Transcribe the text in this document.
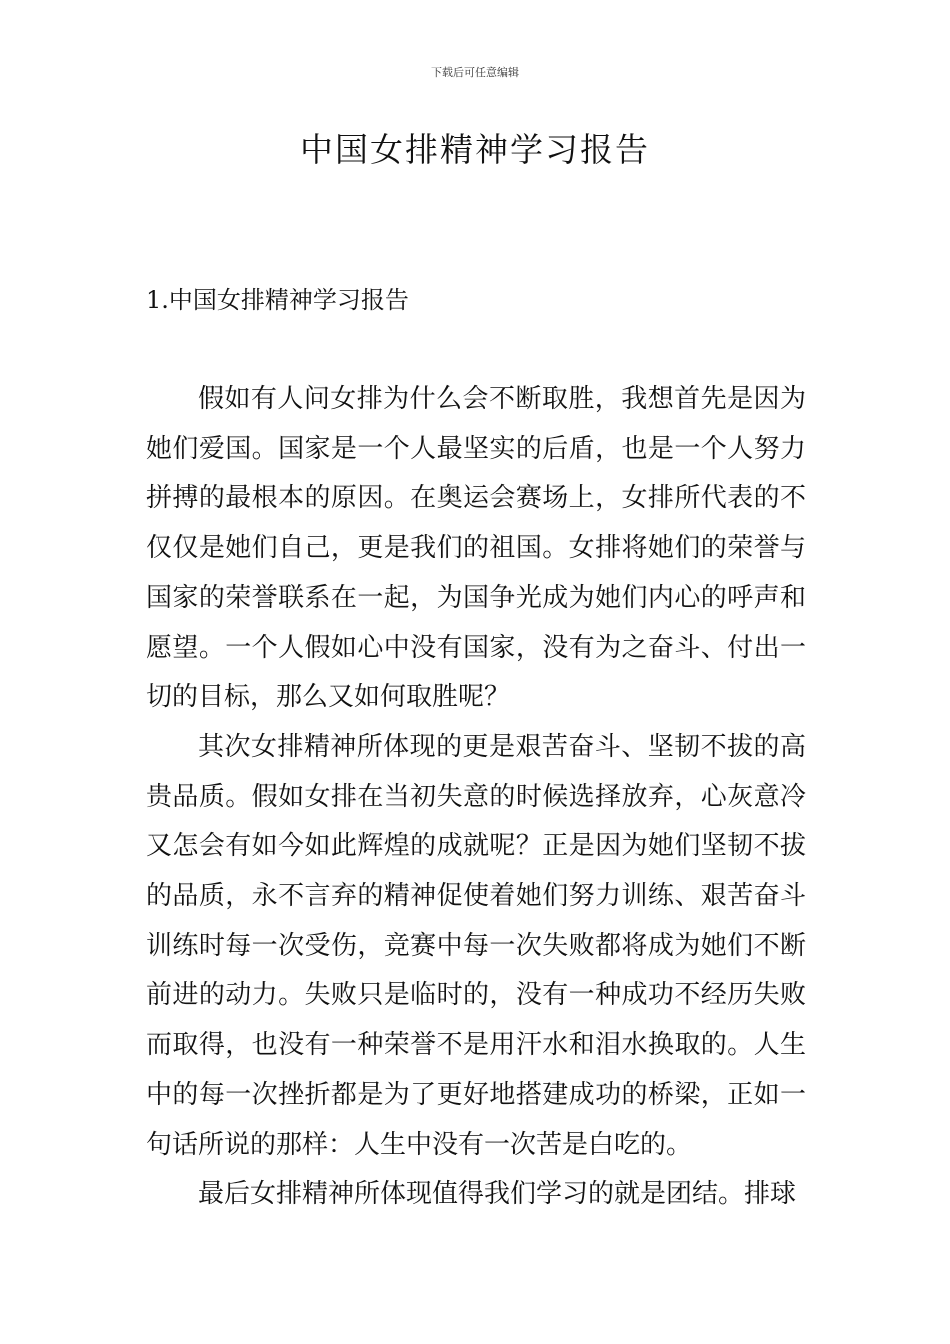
下载后可任意编辑
中国女排精神学习报告
1.中国女排精神学习报告

假如有人问女排为什么会不断取胜，我想首先是因为她们爱国。国家是一个人最坚实的后盾，也是一个人努力拼搏的最根本的原因。在奥运会赛场上，女排所代表的不仅仅是她们自己，更是我们的祖国。女排将她们的荣誉与国家的荣誉联系在一起，为国争光成为她们内心的呼声和愿望。一个人假如心中没有国家，没有为之奋斗、付出一切的目标，那么又如何取胜呢？

其次女排精神所体现的更是艰苦奋斗、坚韧不拔的高贵品质。假如女排在当初失意的时候选择放弃，心灰意冷又怎会有如今如此辉煌的成就呢？正是因为她们坚韧不拔的品质，永不言弃的精神促使着她们努力训练、艰苦奋斗训练时每一次受伤，竞赛中每一次失败都将成为她们不断前进的动力。失败只是临时的，没有一种成功不经历失败而取得，也没有一种荣誉不是用汗水和泪水换取的。人生中的每一次挫折都是为了更好地搭建成功的桥梁，正如一句话所说的那样：人生中没有一次苦是白吃的。

最后女排精神所体现值得我们学习的就是团结。排球
